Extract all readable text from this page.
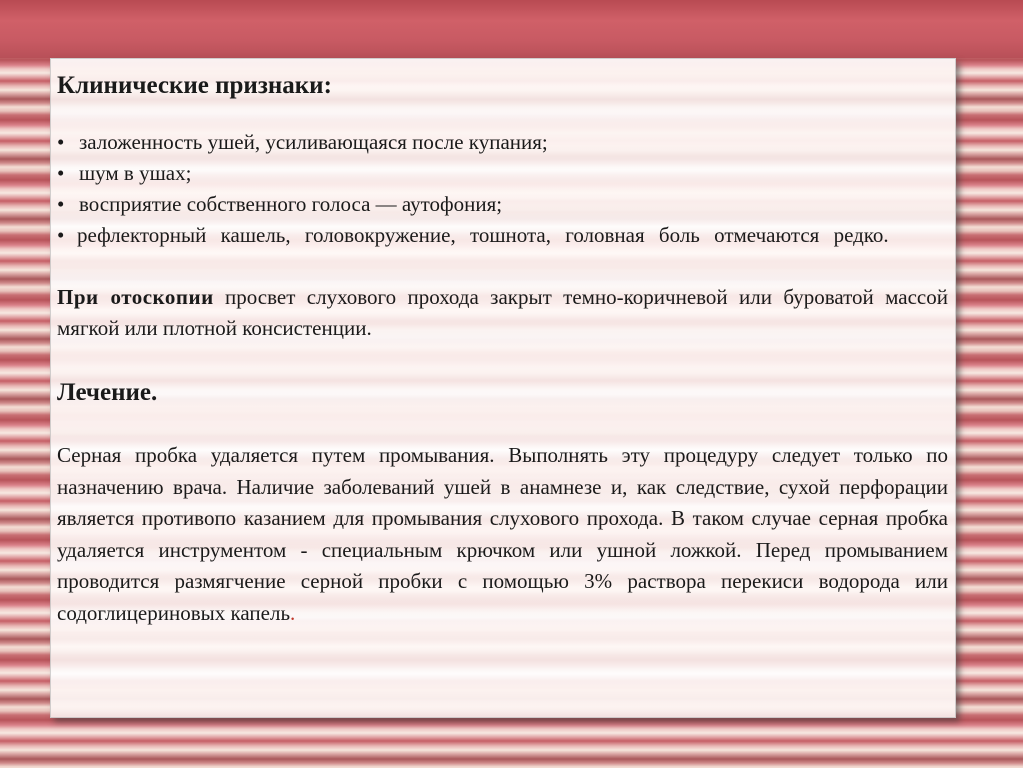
Клинические признаки:
• заложенность ушей, усиливающаяся после купания;
• шум в ушах;
• восприятие собственного голоса — аутофония;
• рефлекторный кашель, головокружение, тошнота, головная боль отмечаются редко.

При отоскопии просвет слухового прохода закрыт темно-коричневой или буроватой массой мягкой или плотной консистенции.

Лечение.

Серная пробка удаляется путем промывания. Выполнять эту процедуру следует только по назначению врача. Наличие заболеваний ушей в анамнезе и, как следствие, сухой перфорации является противопо казанием для промывания слухового прохода. В таком случае серная пробка удаляется инструментом - специальным крючком или ушной ложкой. Перед промыванием проводится размягчение серной пробки с помощью 3% раствора перекиси водорода или содоглицериновых капель.
